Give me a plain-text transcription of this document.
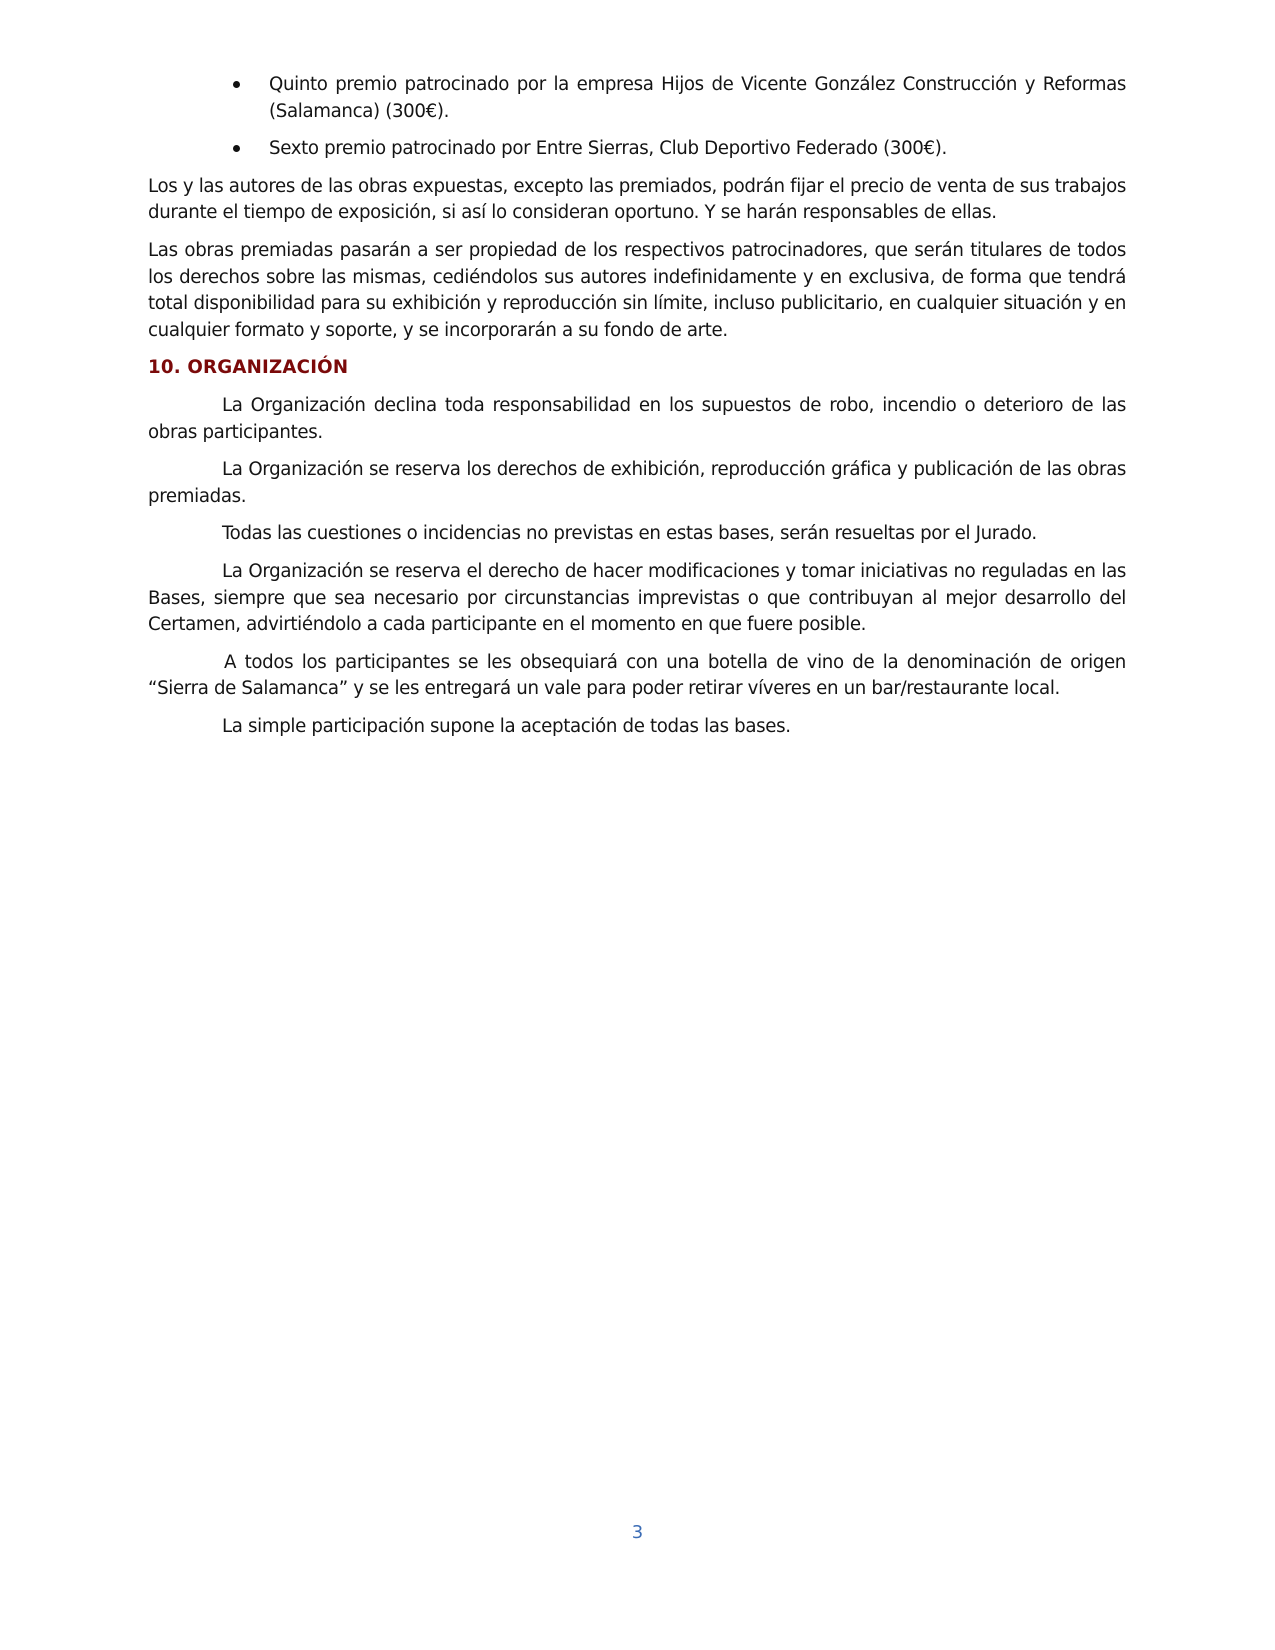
Quinto premio patrocinado por la empresa Hijos de Vicente González Construcción y Reformas (Salamanca) (300€).
Sexto premio patrocinado por Entre Sierras, Club Deportivo Federado (300€).

Los y las autores de las obras expuestas, excepto las premiados, podrán fijar el precio de venta de sus trabajos durante el tiempo de exposición, si así lo consideran oportuno. Y se harán responsables de ellas.

Las obras premiadas pasarán a ser propiedad de los respectivos patrocinadores, que serán titulares de todos los derechos sobre las mismas, cediéndolos sus autores indefinidamente y en exclusiva, de forma que tendrá total disponibilidad para su exhibición y reproducción sin límite, incluso publicitario, en cualquier situación y en cualquier formato y soporte, y se incorporarán a su fondo de arte.

10. ORGANIZACIÓN

La Organización declina toda responsabilidad en los supuestos de robo, incendio o deterioro de las obras participantes.

La Organización se reserva los derechos de exhibición, reproducción gráfica y publicación de las obras premiadas.

Todas las cuestiones o incidencias no previstas en estas bases, serán resueltas por el Jurado.

La Organización se reserva el derecho de hacer modificaciones y tomar iniciativas no reguladas en las Bases, siempre que sea necesario por circunstancias imprevistas o que contribuyan al mejor desarrollo del Certamen, advirtiéndolo a cada participante en el momento en que fuere posible.

A todos los participantes se les obsequiará con una botella de vino de la denominación de origen “Sierra de Salamanca” y se les entregará un vale para poder retirar víveres en un bar/restaurante local.

La simple participación supone la aceptación de todas las bases.

3
